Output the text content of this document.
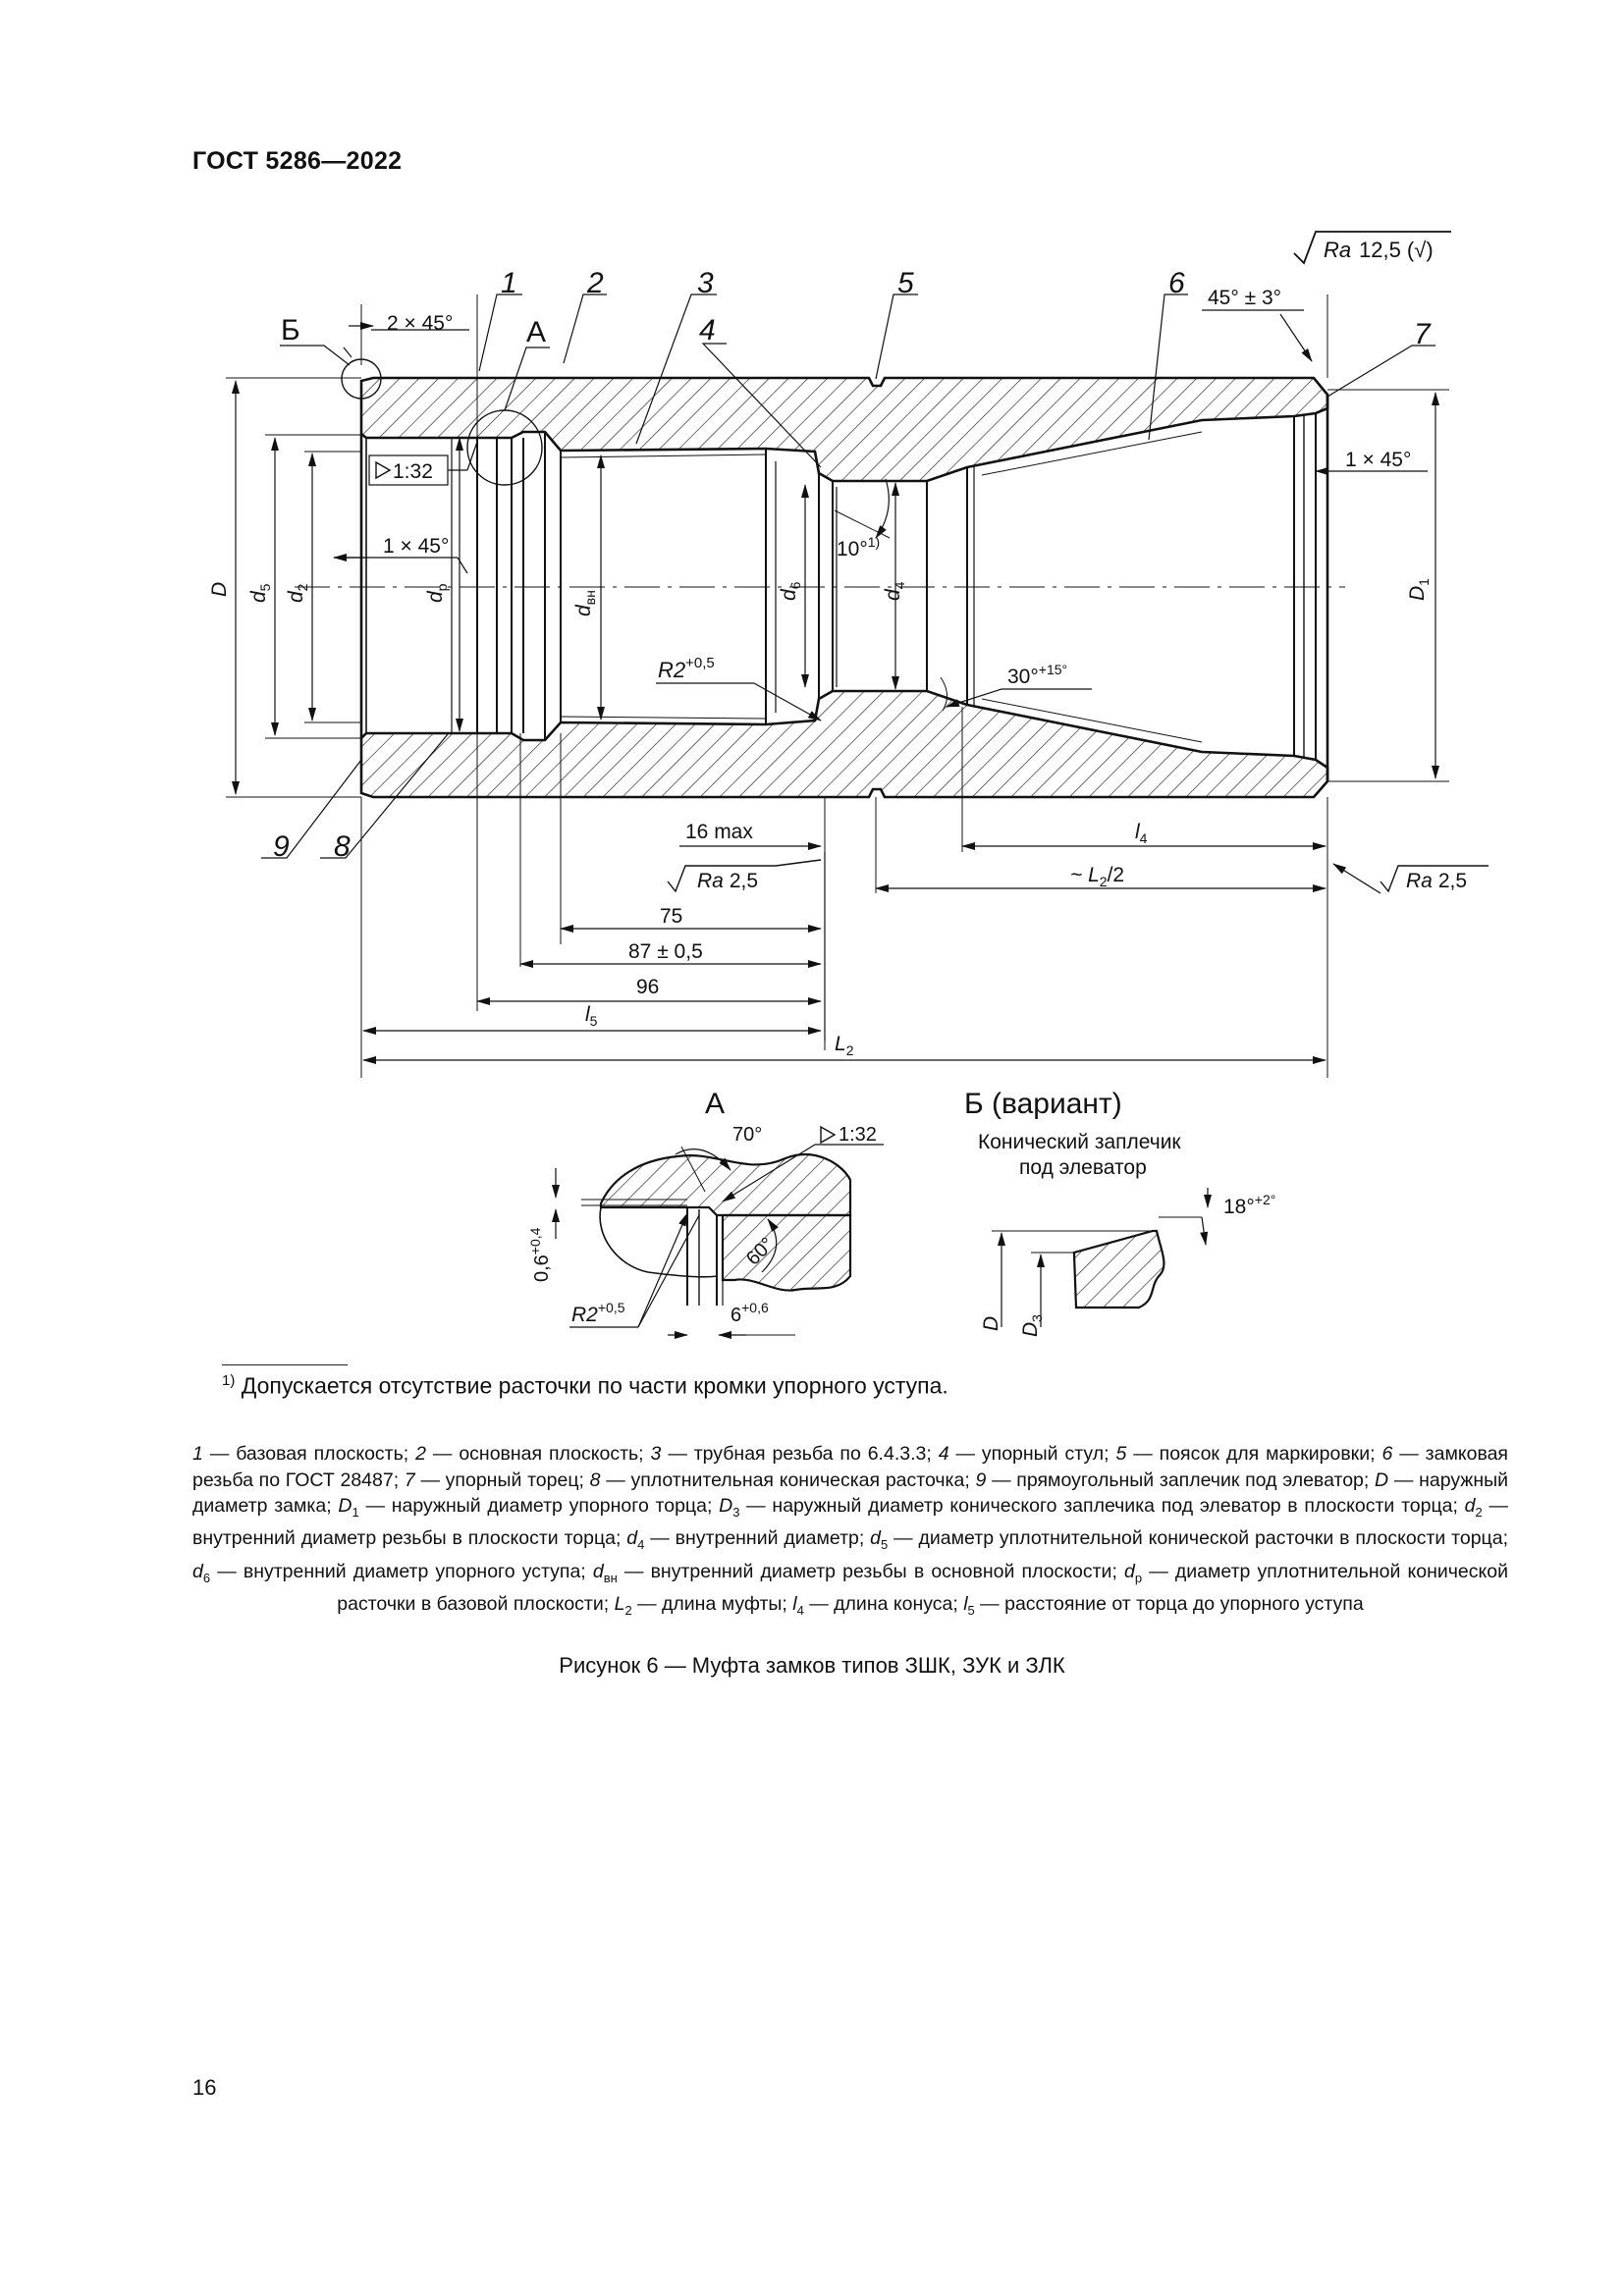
ГОСТ 5286—2022
Ra 12,5 (√)
D
$d_5$
$d_2$
$d_р$
$d_{вн}$	$d_6$
$d_4$
$D_1$
1 2	3
4
5	6
7
8
9
Б	А
2 × 45°
1:32
1 × 45°
1 × 45°
45° ± 3°
10°$^{1)}$
$R2^{+0,5}$
30°$^{+15^\circ}$
16 max	$l_4$
~ $L_2/2$
75
87 ± 0,5
96
$l_5$
$L_2$
Ra 2,5	Ra 2,5
А
$0,6^{+0,4}$
70°	1:32
60°
$R2^{+0,5}$	$6^{+0,6}$
Б (вариант)
Конический заплечик
под элеватор
D $D_3$
18°$^{+2^\circ}$
$^{1)}$ Допускается отсутствие расточки по части кромки упорного уступа.
1 — базовая плоскость; 2 — основная плоскость; 3 — трубная резьба по 6.4.3.3; 4 — упорный стул; 5 — поясок для маркировки; 6 — замковая резьба по ГОСТ 28487; 7 — упорный торец; 8 — уплотнительная коническая расточка; 9 — прямоугольный заплечик под элеватор; D — наружный диаметр замка; $D_1$ — наружный диаметр упорного торца; $D_3$ — наружный диаметр конического заплечика под элеватор в плоскости торца; $d_2$ — внутренний диаметр резьбы в плоскости торца; $d_4$ — внутренний диаметр; $d_5$ — диаметр уплотнительной конической расточки в плоскости торца; $d_6$ — внутренний диаметр упорного уступа; $d_{вн}$ — внутренний диаметр резьбы в основной плоскости; $d_р$ — диаметр уплотнительной конической расточки в базовой плоскости; $L_2$ — длина муфты; $l_4$ — длина конуса; $l_5$ — расстояние от торца до упорного уступа
Рисунок 6 — Муфта замков типов ЗШК, ЗУК и ЗЛК
16
